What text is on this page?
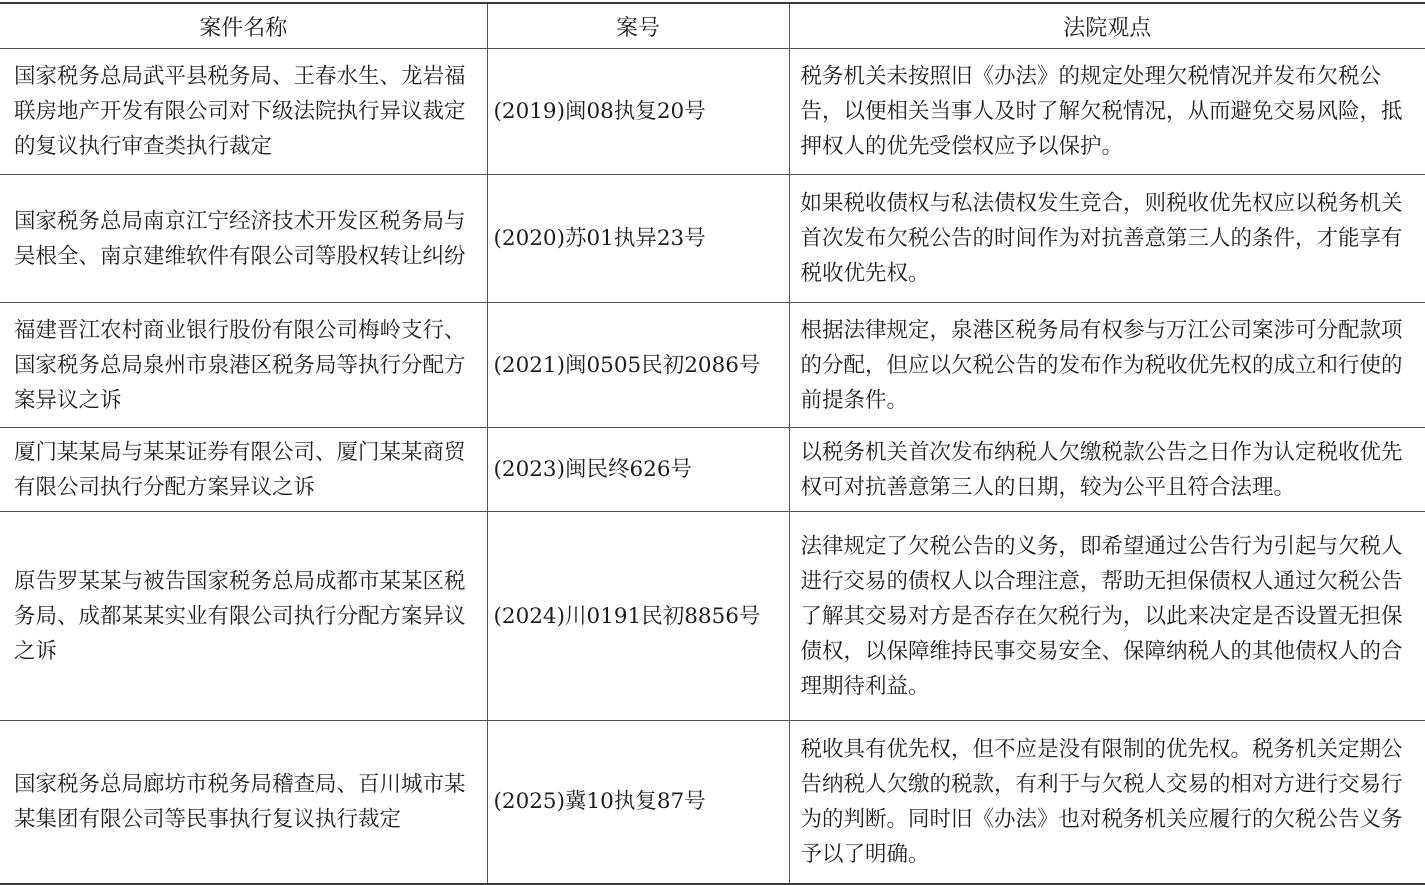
案件名称	案号	法院观点
国家税务总局武平县税务局、王春水生、龙岩福联房地产开发有限公司对下级法院执行异议裁定的复议执行审查类执行裁定	(2019)闽08执复20号	税务机关未按照旧《办法》的规定处理欠税情况并发布欠税公告，以便相关当事人及时了解欠税情况，从而避免交易风险，抵押权人的优先受偿权应予以保护。
国家税务总局南京江宁经济技术开发区税务局与吴根全、南京建维软件有限公司等股权转让纠纷	(2020)苏01执异23号	如果税收债权与私法债权发生竞合，则税收优先权应以税务机关首次发布欠税公告的时间作为对抗善意第三人的条件，才能享有税收优先权。
福建晋江农村商业银行股份有限公司梅岭支行、国家税务总局泉州市泉港区税务局等执行分配方案异议之诉	(2021)闽0505民初2086号	根据法律规定，泉港区税务局有权参与万江公司案涉可分配款项的分配，但应以欠税公告的发布作为税收优先权的成立和行使的前提条件。
厦门某某局与某某证券有限公司、厦门某某商贸有限公司执行分配方案异议之诉	(2023)闽民终626号	以税务机关首次发布纳税人欠缴税款公告之日作为认定税收优先权可对抗善意第三人的日期，较为公平且符合法理。
原告罗某某与被告国家税务总局成都市某某区税务局、成都某某实业有限公司执行分配方案异议之诉	(2024)川0191民初8856号	法律规定了欠税公告的义务，即希望通过公告行为引起与欠税人进行交易的债权人以合理注意，帮助无担保债权人通过欠税公告了解其交易对方是否存在欠税行为，以此来决定是否设置无担保债权，以保障维持民事交易安全、保障纳税人的其他债权人的合理期待利益。
国家税务总局廊坊市税务局稽查局、百川城市某某集团有限公司等民事执行复议执行裁定	(2025)冀10执复87号	税收具有优先权，但不应是没有限制的优先权。税务机关定期公告纳税人欠缴的税款，有利于与欠税人交易的相对方进行交易行为的判断。同时旧《办法》也对税务机关应履行的欠税公告义务予以了明确。
